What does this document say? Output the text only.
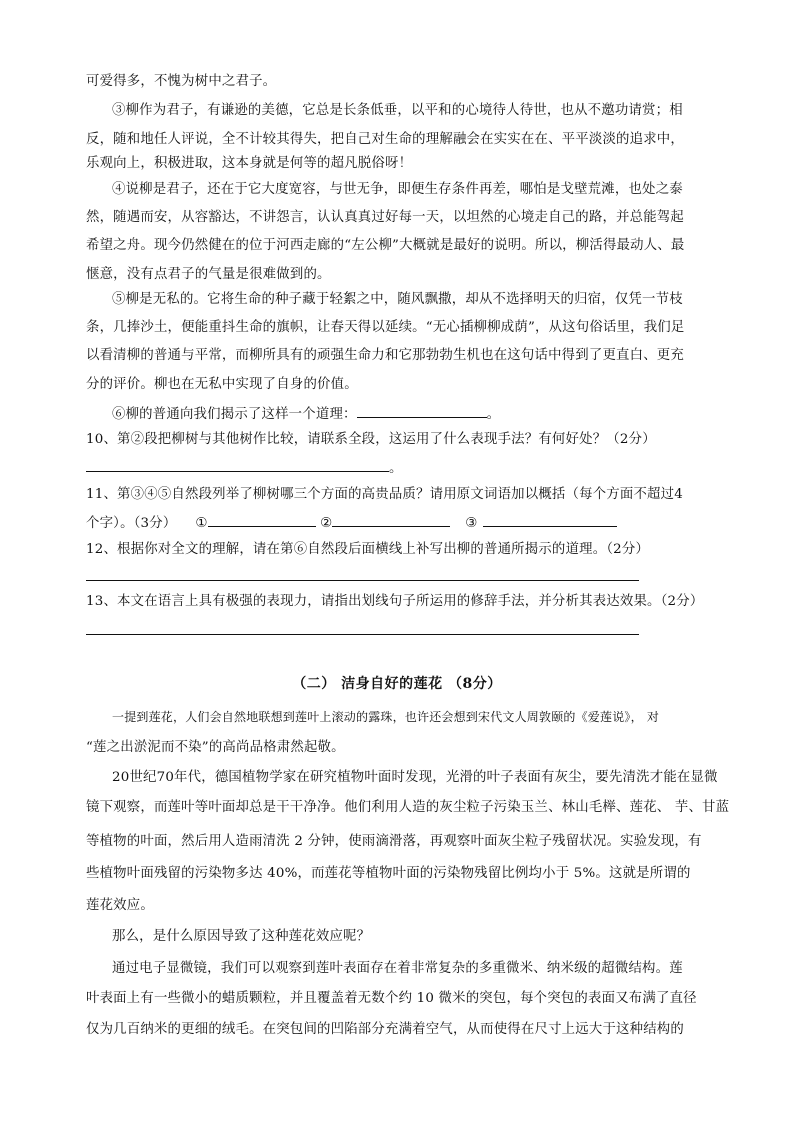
可爱得多，不愧为树中之君子。
③柳作为君子，有谦逊的美德，它总是长条低垂，以平和的心境待人待世，也从不邀功请赏；相
反，随和地任人评说，全不计较其得失，把自己对生命的理解融会在实实在在、平平淡淡的追求中，
乐观向上，积极进取，这本身就是何等的超凡脱俗呀！
④说柳是君子，还在于它大度宽容，与世无争，即便生存条件再差，哪怕是戈壁荒滩，也处之泰
然，随遇而安，从容豁达，不讲怨言，认认真真过好每一天，以坦然的心境走自己的路，并总能驾起
希望之舟。现今仍然健在的位于河西走廊的“左公柳”大概就是最好的说明。所以，柳活得最动人、最
惬意，没有点君子的气量是很难做到的。
⑤柳是无私的。它将生命的种子藏于轻絮之中，随风飘撒，却从不选择明天的归宿，仅凭一节枝
条，几捧沙土，便能重抖生命的旗帜，让春天得以延续。“无心插柳柳成荫”，从这句俗话里，我们足
以看清柳的普通与平常，而柳所具有的顽强生命力和它那勃勃生机也在这句话中得到了更直白、更充
分的评价。柳也在无私中实现了自身的价值。
⑥柳的普通向我们揭示了这样一个道理：	。
10、第②段把柳树与其他树作比较，请联系全段，这运用了什么表现手法？有何好处？（2分）
。
11、第③④⑤自然段列举了柳树哪三个方面的高贵品质？请用原文词语加以概括（每个方面不超过4
个字）。（3分） ①	②	③
12、根据你对全文的理解，请在第⑥自然段后面横线上补写出柳的普通所揭示的道理。（2分）
13、本文在语言上具有极强的表现力，请指出划线句子所运用的修辞手法，并分析其表达效果。（2分）
（二） 洁身自好的莲花 （8分）
一提到莲花，人们会自然地联想到莲叶上滚动的露珠，也许还会想到宋代文人周敦颐的《爱莲说》， 对
“莲之出淤泥而不染”的高尚品格肃然起敬。
20世纪70年代，德国植物学家在研究植物叶面时发现，光滑的叶子表面有灰尘，要先清洗才能在显微
镜下观察，而莲叶等叶面却总是干干净净。他们利用人造的灰尘粒子污染玉兰、林山毛榉、莲花、 芋、甘蓝
等植物的叶面，然后用人造雨清洗 2 分钟，使雨滴滑落，再观察叶面灰尘粒子残留状况。实验发现，有
些植物叶面残留的污染物多达 40%，而莲花等植物叶面的污染物残留比例均小于 5%。这就是所谓的
莲花效应。
那么，是什么原因导致了这种莲花效应呢？
通过电子显微镜，我们可以观察到莲叶表面存在着非常复杂的多重微米、纳米级的超微结构。莲
叶表面上有一些微小的蜡质颗粒，并且覆盖着无数个约 10 微米的突包，每个突包的表面又布满了直径
仅为几百纳米的更细的绒毛。在突包间的凹陷部分充满着空气，从而使得在尺寸上远大于这种结构的
